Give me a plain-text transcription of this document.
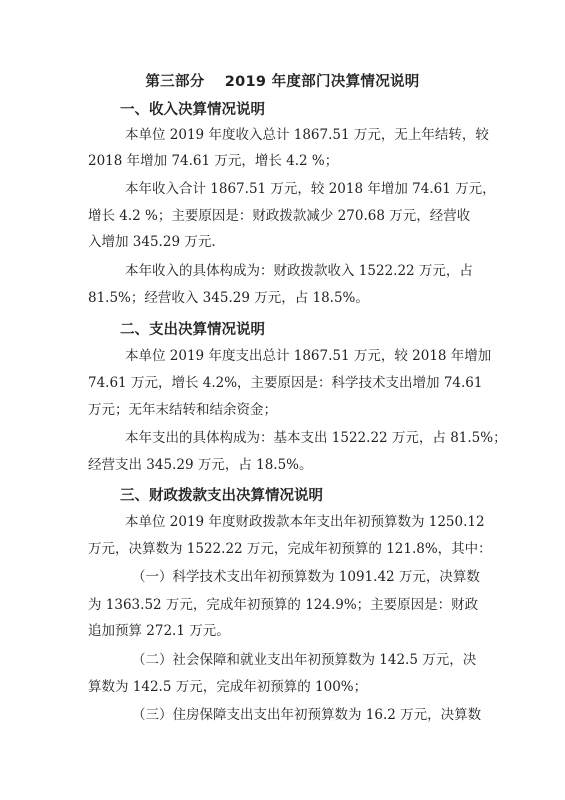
第三部分　 2019 年度部门决算情况说明
一、收入决算情况说明
本单位 2019 年度收入总计 1867.51 万元，无上年结转，较
2018 年增加 74.61 万元，增长 4.2 %；
本年收入合计 1867.51 万元，较 2018 年增加 74.61 万元，
增长 4.2 %；主要原因是：财政拨款减少 270.68 万元，经营收
入增加 345.29 万元.
本年收入的具体构成为：财政拨款收入 1522.22 万元，占
81.5%；经营收入 345.29 万元，占 18.5%。
二、支出决算情况说明
本单位 2019 年度支出总计 1867.51 万元，较 2018 年增加
74.61 万元，增长 4.2%，主要原因是：科学技术支出增加 74.61
万元；无年末结转和结余资金；
本年支出的具体构成为：基本支出 1522.22 万元，占 81.5%；
经营支出 345.29 万元，占 18.5%。
三、财政拨款支出决算情况说明
本单位 2019 年度财政拨款本年支出年初预算数为 1250.12
万元，决算数为 1522.22 万元，完成年初预算的 121.8%，其中：
（一）科学技术支出年初预算数为 1091.42 万元，决算数
为 1363.52 万元，完成年初预算的 124.9%；主要原因是：财政
追加预算 272.1 万元。
（二）社会保障和就业支出年初预算数为 142.5 万元，决
算数为 142.5 万元，完成年初预算的 100%；
（三）住房保障支出支出年初预算数为 16.2 万元，决算数
